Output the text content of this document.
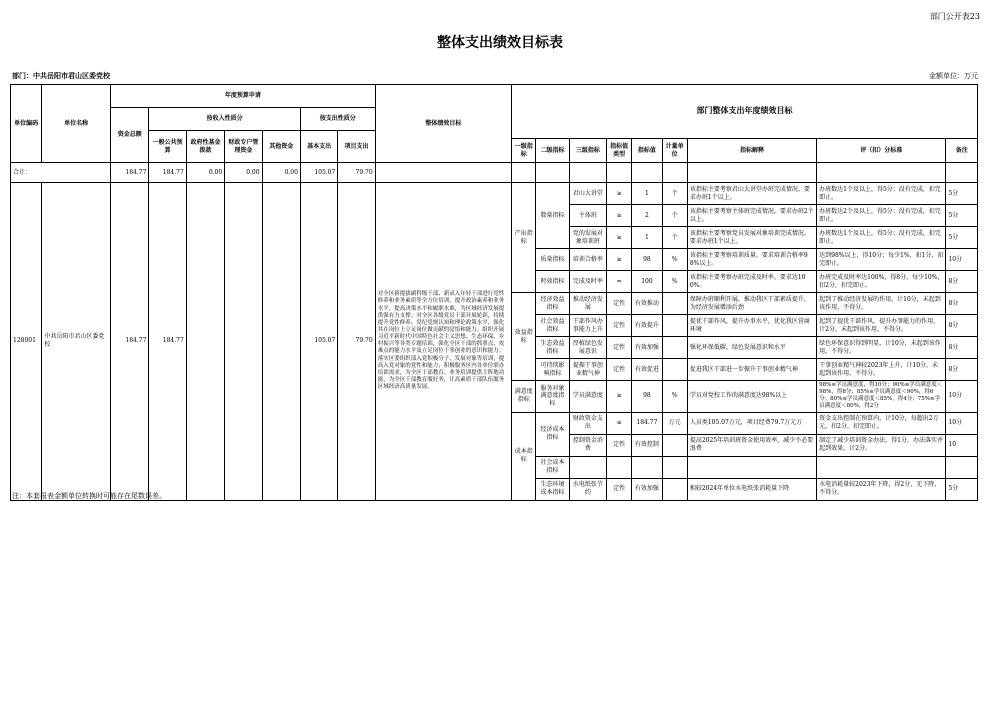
部门公开表23
整体支出绩效目标表
部门：中共岳阳市君山区委党校	金额单位：万元
单位编码	单位名称	年度预算申请							整体绩效目标	部门整体支出年度绩效目标								
		资金总额	按收入性质分				按支出性质分											
			一般公共预算	政府性基金拨款	财政专户管理资金	其他资金	基本支出	项目支出										
										一级指标	二级指标	三级指标	指标值类型	指标值	计量单位	指标解释	评（扣）分标准	备注
合计：		184.77	184.77	0.00	0.00	0.00	105.07	79.70										
128001	中共岳阳市君山区委党校	184.77	184.77				105.07	79.70	对全区新提拔副科级干部、新录入年轻干部进行党性修养和业务素质等全方位培训，提升政治素养和业务水平，提高决策水平和履职水准，为区域经济发展提供强有力支撑；对全区各级党员干部开展轮训，持续提升党性修养、党纪党规认知和理论政策水平，强化其在岗位上立足岗位做贡献的觉悟和能力；组织开展习近平新时代中国特色社会主义思想、生态环保、乡村振兴等各类专题培训，强化全区干部的抓重点、攻难点的能力水平及立足岗位干事创业的意识和能力；落实区委组织部入党积极分子、发展对象等培训，提高入党对象的党性和能力；积极服务区内各单位联办培训需求，为全区干部教育、业务培训提供主阵地功能，为全区干部教育服好务，让高素质干部队伍服务区域经济高质量发展。	产出指标	数量指标	君山大讲堂	≥	1	个	该指标主要考察君山大讲堂办班完成情况。要求办班1个以上。	办班数达1个及以上，得5分；没有完成，扣完即止。	5分
												主体班	≥	2	个	该指标主要考察主体班完成情况。要求办班2个以上。	办班数达2个及以上，得5分；没有完成，扣完即止。	5分
												党的发展对象培训班	≥	1	个	该指标主要考察党员发展对象培训完成情况。要求办班1个以上。	办班数达1个及以上，得5分；没有完成，扣完即止。	5分
											质量指标	培训合格率	≥	98	%	该指标主要考察培训质量。要求培训合格率98%以上。	达到98%以上，得10分；每少1%，扣1分，扣完即止。	10分
											时效指标	完成及时率	=	100	%	该指标主要考察办班完成及时率。要求达100%。	办班完成及时率达100%，得8分，每少10%，扣2分，扣完即止。	8分
										效益指标	经济效益指标	推动经济发展	定性	有效推动		保障办班顺利开展，推动我区干部素质提升，为经济发展增添后劲	起到了推动经济发展的作用，计10分，未起到该作用，不得分。	8分
											社会效益指标	干部作风办事能力上升	定性	有效提升		提优干部作风，提升办事水平，优化我区营商环境	起到了提优干部作风，提升办事能力的作用，计2分，未起到该作用，不得分。	8分
											生态效益指标	厚植绿色发展意识	定性	有效加强		强化环保低碳、绿色发展意识和水平	绿色环保意识得到明显，计10分，未起到该作用，不得分。	8分
											可持续影响指标	提振干事创业精气神	定性	有效促进		促进我区干部进一步振升干事创业精气神	干事创业精气神较2023年上升，计10分，未起到该作用，不得分。	8分
										满意度指标	服务对象满意度指标	学员满意度	≥	98	%	学员对党校工作的满意度达98%以上	98%≤学员满意度，得10分；90%≤学员满意度＜98%，得8分；85%≤学员满意度＜90%，得6分；80%≤学员满意度＜85%，得4分；75%≤学员满意度＜80%，得2分	10分
										成本指标	经济成本指标	财政资金支出	≤	184.77	万元	人员类105.07万元，项目经费79.7万元万	资金支出控制在预算内，计10分，每超出2万元，扣2分，扣完即止。	10分
												控制资金消费	定性	有效控制		提高2025年培训班资金使用效率，减少不必要浪费	制定了减少培训资金办法，得1分，办法落实并起到效果，计2分。	10
											社会成本指标							
											生态环境成本指标	水电纸张节约	定性	有效加强		相较2024年单位水电纸张消耗量下降	水电消耗量较2023年下降，得2分，无下降，不得分。	5分
注：本套报表金额单位转换时可能存在尾数误差。
